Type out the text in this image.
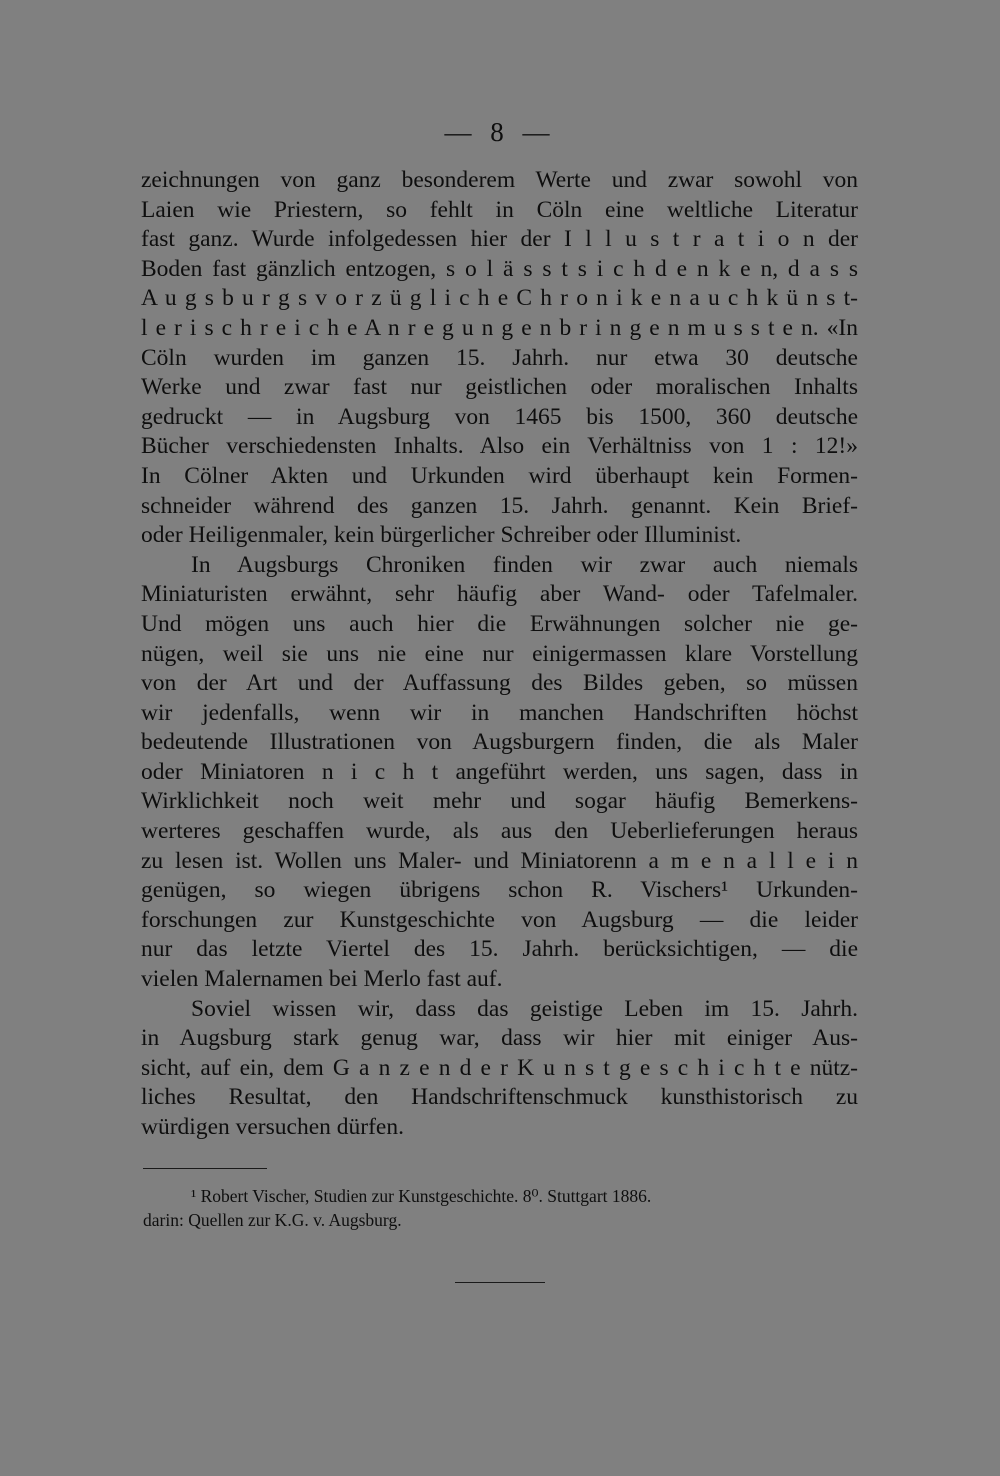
— 8 —
zeichnungen von ganz besonderem Werte und zwar sowohl von
Laien wie Priestern, so fehlt in Cöln eine weltliche Literatur
fast ganz. Wurde infolgedessen hier der I l l u s t r a t i o n der
Boden fast gänzlich entzogen, s o l ä s s t s i c h d e n k e n, d a s s
A u g s b u r g s v o r z ü g l i c h e C h r o n i k e n a u c h k ü n s t-
l e r i s c h r e i c h e A n r e g u n g e n b r i n g e n m u s s t e n. «In
Cöln wurden im ganzen 15. Jahrh. nur etwa 30 deutsche
Werke und zwar fast nur geistlichen oder moralischen Inhalts
gedruckt — in Augsburg von 1465 bis 1500, 360 deutsche
Bücher verschiedensten Inhalts. Also ein Verhältniss von 1 : 12!»
In Cölner Akten und Urkunden wird überhaupt kein Formen-
schneider während des ganzen 15. Jahrh. genannt. Kein Brief-
oder Heiligenmaler, kein bürgerlicher Schreiber oder Illuminist.
In Augsburgs Chroniken finden wir zwar auch niemals
Miniaturisten erwähnt, sehr häufig aber Wand- oder Tafelmaler.
Und mögen uns auch hier die Erwähnungen solcher nie ge-
nügen, weil sie uns nie eine nur einigermassen klare Vorstellung
von der Art und der Auffassung des Bildes geben, so müssen
wir jedenfalls, wenn wir in manchen Handschriften höchst
bedeutende Illustrationen von Augsburgern finden, die als Maler
oder Miniatoren n i c h t angeführt werden, uns sagen, dass in
Wirklichkeit noch weit mehr und sogar häufig Bemerkens-
werteres geschaffen wurde, als aus den Ueberlieferungen heraus
zu lesen ist. Wollen uns Maler- und Miniatorenn a m e n a l l e i n
genügen, so wiegen übrigens schon R. Vischers¹ Urkunden-
forschungen zur Kunstgeschichte von Augsburg — die leider
nur das letzte Viertel des 15. Jahrh. berücksichtigen, — die
vielen Malernamen bei Merlo fast auf.
Soviel wissen wir, dass das geistige Leben im 15. Jahrh.
in Augsburg stark genug war, dass wir hier mit einiger Aus-
sicht, auf ein, dem G a n z e n d e r K u n s t g e s c h i c h t e nütz-
liches Resultat, den Handschriftenschmuck kunsthistorisch zu
würdigen versuchen dürfen.
¹ Robert Vischer, Studien zur Kunstgeschichte. 8⁰. Stuttgart 1886.
darin: Quellen zur K.G. v. Augsburg.
